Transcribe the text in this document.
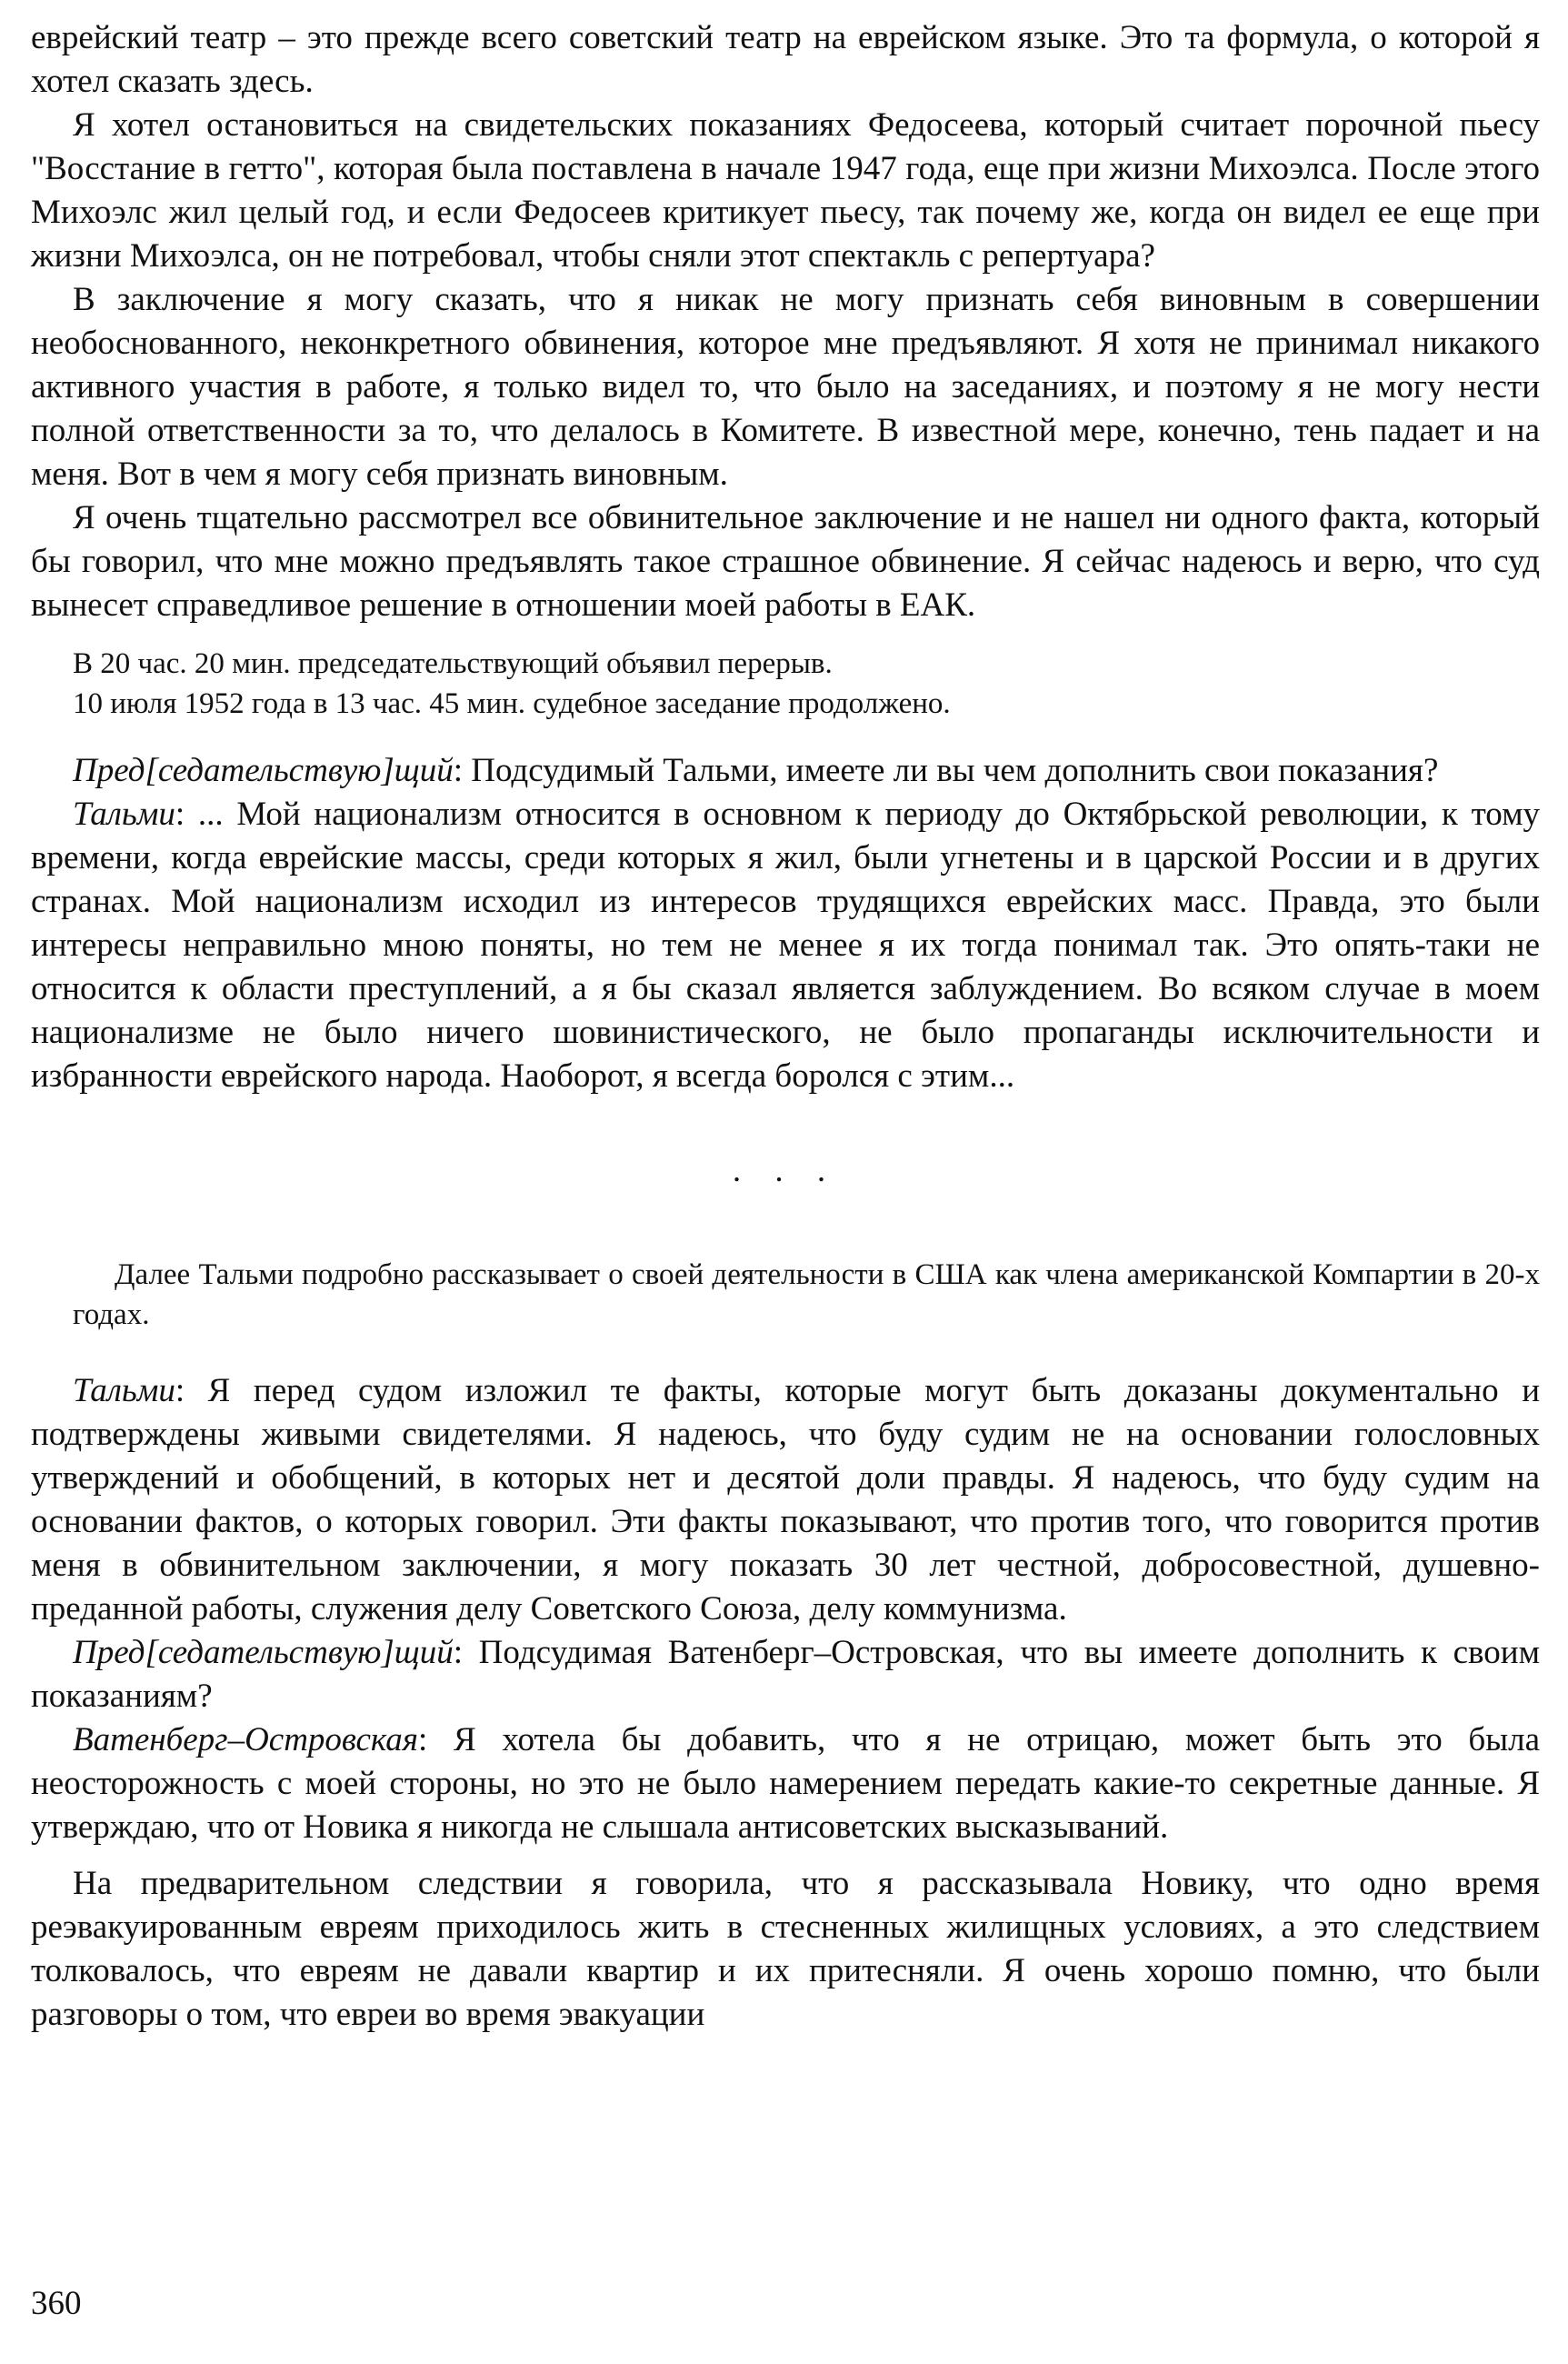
еврейский театр – это прежде всего советский театр на еврейском языке. Это та формула, о которой я хотел сказать здесь.

Я хотел остановиться на свидетельских показаниях Федосеева, который считает порочной пьесу "Восстание в гетто", которая была поставлена в начале 1947 года, еще при жизни Михоэлса. После этого Михоэлс жил целый год, и если Федосеев критикует пьесу, так почему же, когда он видел ее еще при жизни Михоэлса, он не потребовал, чтобы сняли этот спектакль с репертуара?

В заключение я могу сказать, что я никак не могу признать себя виновным в совершении необоснованного, неконкретного обвинения, которое мне предъявляют. Я хотя не принимал никакого активного участия в работе, я только видел то, что было на заседаниях, и поэтому я не могу нести полной ответственности за то, что делалось в Комитете. В известной мере, конечно, тень падает и на меня. Вот в чем я могу себя признать виновным.

Я очень тщательно рассмотрел все обвинительное заключение и не нашел ни одного факта, который бы говорил, что мне можно предъявлять такое страшное обвинение. Я сейчас надеюсь и верю, что суд вынесет справедливое решение в отношении моей работы в ЕАК.

В 20 час. 20 мин. председательствующий объявил перерыв.

10 июля 1952 года в 13 час. 45 мин. судебное заседание продолжено.

Пред[седательствую]щий: Подсудимый Тальми, имеете ли вы чем дополнить свои показания?

Тальми: ... Мой национализм относится в основном к периоду до Октябрьской революции, к тому времени, когда еврейские массы, среди которых я жил, были угнетены и в царской России и в других странах. Мой национализм исходил из интересов трудящихся еврейских масс. Правда, это были интересы неправильно мною поняты, но тем не менее я их тогда понимал так. Это опять-таки не относится к области преступлений, а я бы сказал является заблуждением. Во всяком случае в моем национализме не было ничего шовинистического, не было пропаганды исключительности и избранности еврейского народа. Наоборот, я всегда боролся с этим...

. . .

Далее Тальми подробно рассказывает о своей деятельности в США как члена американской Компартии в 20-х годах.

Тальми: Я перед судом изложил те факты, которые могут быть доказаны документально и подтверждены живыми свидетелями. Я надеюсь, что буду судим не на основании голословных утверждений и обобщений, в которых нет и десятой доли правды. Я надеюсь, что буду судим на основании фактов, о которых говорил. Эти факты показывают, что против того, что говорится против меня в обвинительном заключении, я могу показать 30 лет честной, добросовестной, душевно-преданной работы, служения делу Советского Союза, делу коммунизма.

Пред[седательствую]щий: Подсудимая Ватенберг–Островская, что вы имеете дополнить к своим показаниям?

Ватенберг–Островская: Я хотела бы добавить, что я не отрицаю, может быть это была неосторожность с моей стороны, но это не было намерением передать какие-то секретные данные. Я утверждаю, что от Новика я никогда не слышала антисоветских высказываний.

На предварительном следствии я говорила, что я рассказывала Новику, что одно время реэвакуированным евреям приходилось жить в стесненных жилищных условиях, а это следствием толковалось, что евреям не давали квартир и их притесняли. Я очень хорошо помню, что были разговоры о том, что евреи во время эвакуации

360
